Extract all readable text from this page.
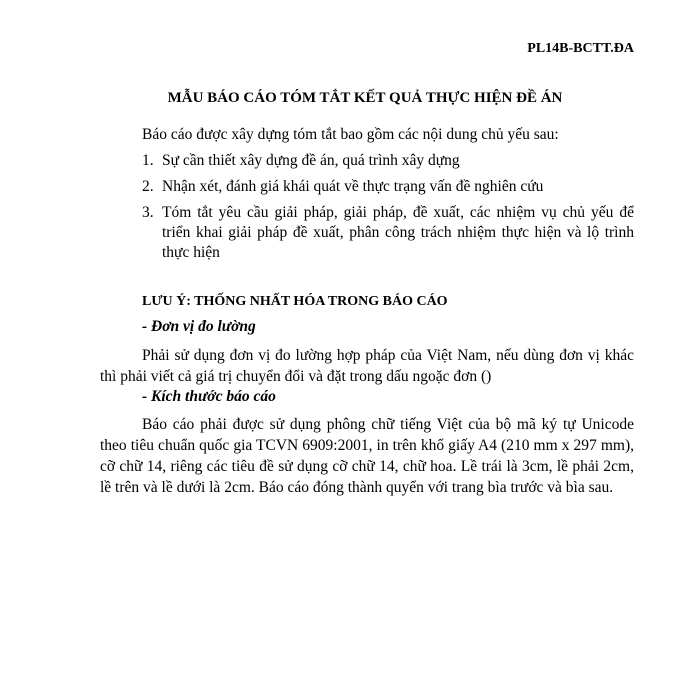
PL14B-BCTT.ĐA
MẪU BÁO CÁO TÓM TẮT KẾT QUẢ THỰC HIỆN ĐỀ ÁN

Báo cáo được xây dựng tóm tắt bao gồm các nội dung chủ yếu sau:

1. Sự cần thiết xây dựng đề án, quá trình xây dựng
2. Nhận xét, đánh giá khái quát về thực trạng vấn đề nghiên cứu
3. Tóm tắt yêu cầu giải pháp, giải pháp, đề xuất, các nhiệm vụ chủ yếu để triển khai giải pháp đề xuất, phân công trách nhiệm thực hiện và lộ trình thực hiện
LƯU Ý: THỐNG NHẤT HÓA TRONG BÁO CÁO
- Đơn vị đo lường
Phải sử dụng đơn vị đo lường hợp pháp của Việt Nam, nếu dùng đơn vị khác thì phải viết cả giá trị chuyển đổi và đặt trong dấu ngoặc đơn ()
- Kích thước báo cáo
Báo cáo phải được sử dụng phông chữ tiếng Việt của bộ mã ký tự Unicode theo tiêu chuẩn quốc gia TCVN 6909:2001, in trên khổ giấy A4 (210 mm x 297 mm), cỡ chữ 14, riêng các tiêu đề sử dụng cỡ chữ 14, chữ hoa. Lề trái là 3cm, lề phải 2cm, lề trên và lề dưới là 2cm. Báo cáo đóng thành quyển với trang bìa trước và bìa sau.
